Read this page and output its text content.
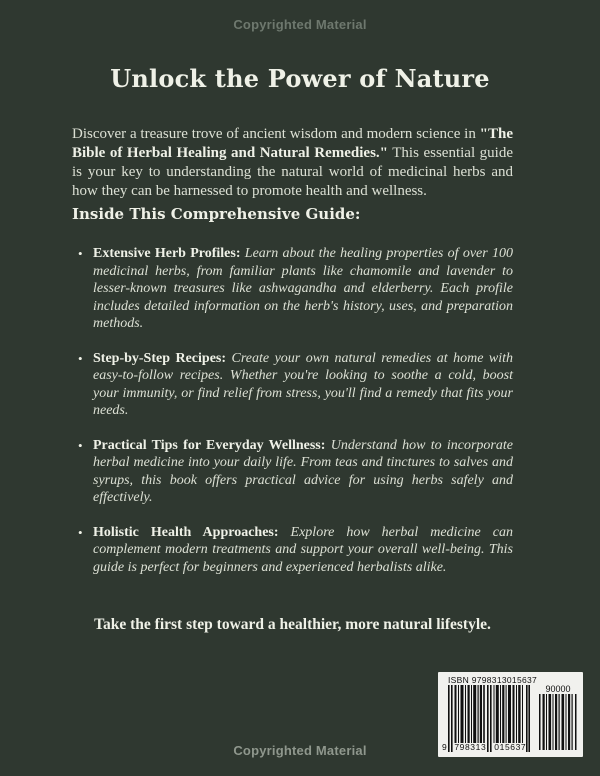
Copyrighted Material
Unlock the Power of Nature

Discover a treasure trove of ancient wisdom and modern science in "The Bible of Herbal Healing and Natural Remedies." This essential guide is your key to understanding the natural world of medicinal herbs and how they can be harnessed to promote health and wellness.

Inside This Comprehensive Guide:
• Extensive Herb Profiles: Learn about the healing properties of over 100 medicinal herbs, from familiar plants like chamomile and lavender to lesser-known treasures like ashwagandha and elderberry. Each profile includes detailed information on the herb's history, uses, and preparation methods.
• Step-by-Step Recipes: Create your own natural remedies at home with easy-to-follow recipes. Whether you're looking to soothe a cold, boost your immunity, or find relief from stress, you'll find a remedy that fits your needs.
• Practical Tips for Everyday Wellness: Understand how to incorporate herbal medicine into your daily life. From teas and tinctures to salves and syrups, this book offers practical advice for using herbs safely and effectively.
• Holistic Health Approaches: Explore how herbal medicine can complement modern treatments and support your overall well-being. This guide is perfect for beginners and experienced herbalists alike.
Take the first step toward a healthier, more natural lifestyle.
ISBN 9798313015637
9 798313 015637
90000
Copyrighted Material
